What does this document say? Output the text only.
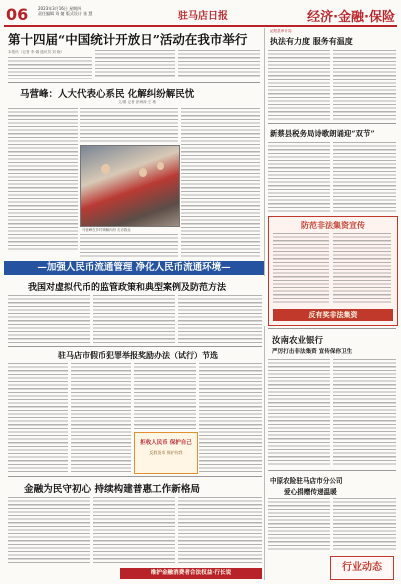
06 2023年3月16日 星期四
责任编辑 刘 婕 版式设计 张 慧	驻马店日报	经济·金融·保险
第十四届“中国统计开放日”活动在我市举行
本报讯（记者 李 娜 通讯员 刘 晓）
马营峰：人大代表心系民 化解纠纷解民忧
文/图 记者 彭海涛 王 敏
马营峰在乡村调解纠纷 走访群众
泌阳县审计局
执法有力度 服务有温度
新蔡县税务局诗歌朗诵迎“双节”
防范非法集资宣传
反有奖非法集资
—加强人民币流通管理 净化人民币流通环境—
我国对虚拟代币的监管政策和典型案例及防范方法
驻马店市假币犯罪举报奖励办法（试行）节选
拒收人民币 保护自己
反假货币 保护你我
汝南农业银行
严厉打击非法集资 宣传保你卫生
中原农险驻马店市分公司
爱心捐赠传递温暖
金融为民守初心 持续构建普惠工作新格局
维护金融消费者合法权益·行长说	行业动态
